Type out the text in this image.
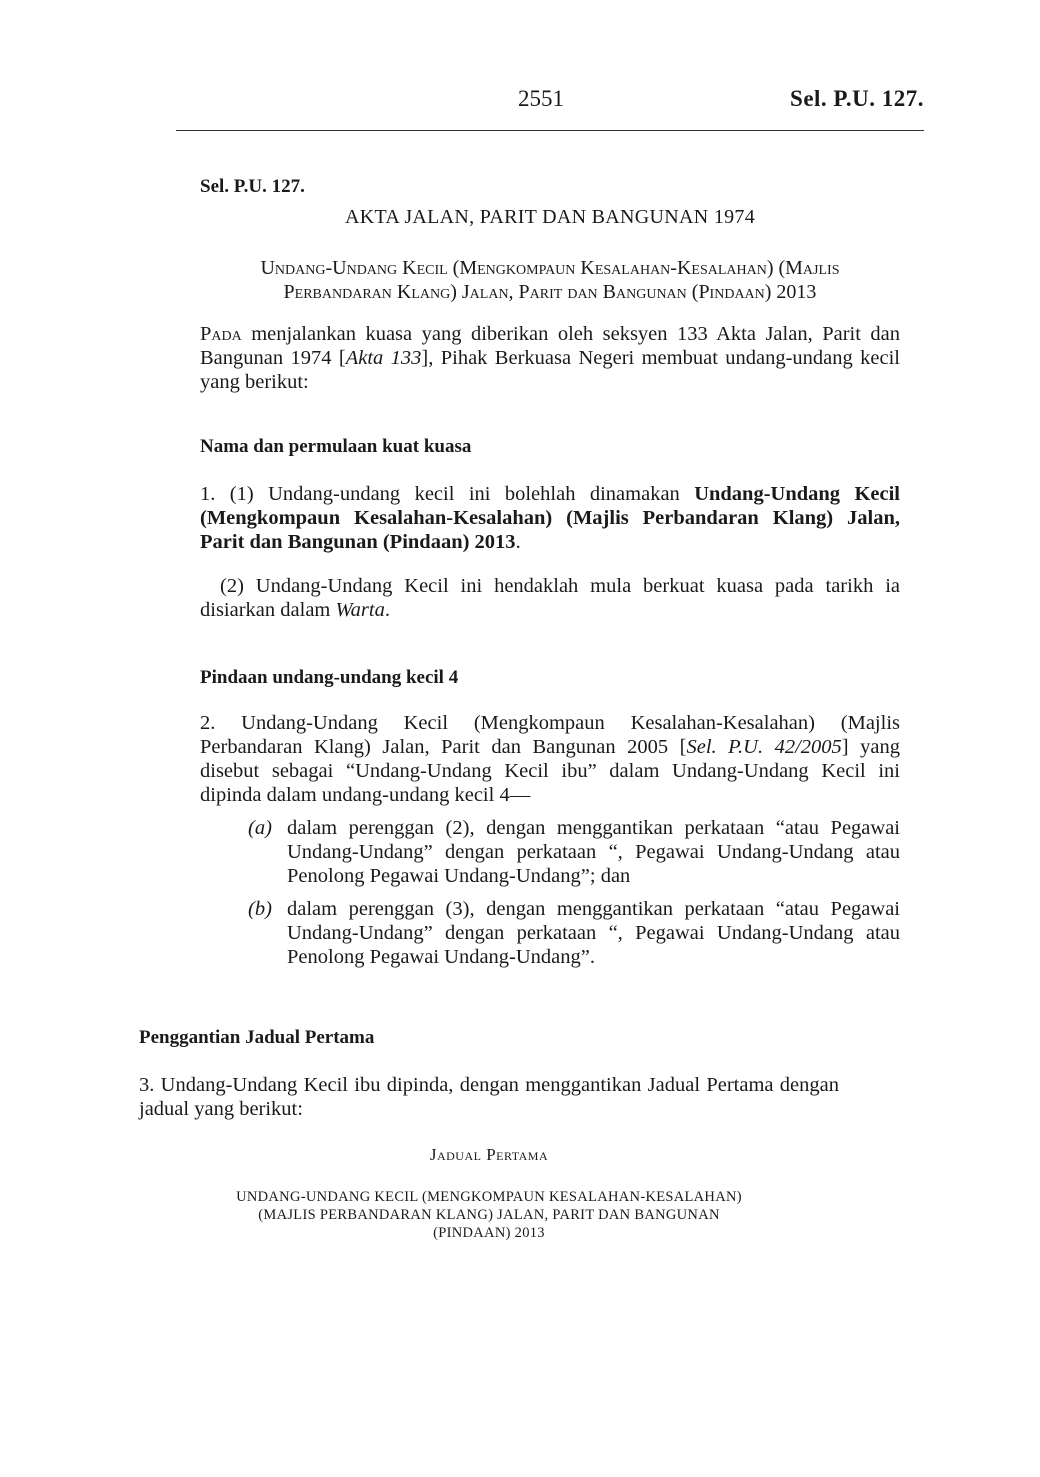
2551	Sel. P.U. 127.
Sel. P.U. 127.
AKTA JALAN, PARIT DAN BANGUNAN 1974
Undang-Undang Kecil (Mengkompaun Kesalahan-Kesalahan) (Majlis
Perbandaran Klang) Jalan, Parit dan Bangunan (Pindaan) 2013
Pada menjalankan kuasa yang diberikan oleh seksyen 133 Akta Jalan, Parit dan Bangunan 1974 [Akta 133], Pihak Berkuasa Negeri membuat undang-undang kecil yang berikut:
Nama dan permulaan kuat kuasa
1. (1) Undang-undang kecil ini bolehlah dinamakan Undang-Undang Kecil (Mengkompaun Kesalahan-Kesalahan) (Majlis Perbandaran Klang) Jalan, Parit dan Bangunan (Pindaan) 2013.
(2) Undang-Undang Kecil ini hendaklah mula berkuat kuasa pada tarikh ia disiarkan dalam Warta.
Pindaan undang-undang kecil 4
2. Undang-Undang Kecil (Mengkompaun Kesalahan-Kesalahan) (Majlis Perbandaran Klang) Jalan, Parit dan Bangunan 2005 [Sel. P.U. 42/2005] yang disebut sebagai “Undang-Undang Kecil ibu” dalam Undang-Undang Kecil ini dipinda dalam undang-undang kecil 4—
(a) dalam perenggan (2), dengan menggantikan perkataan “atau Pegawai Undang-Undang” dengan perkataan “, Pegawai Undang-Undang atau Penolong Pegawai Undang-Undang”; dan
(b) dalam perenggan (3), dengan menggantikan perkataan “atau Pegawai Undang-Undang” dengan perkataan “, Pegawai Undang-Undang atau Penolong Pegawai Undang-Undang”.
Penggantian Jadual Pertama
3. Undang-Undang Kecil ibu dipinda, dengan menggantikan Jadual Pertama dengan jadual yang berikut:
Jadual Pertama
UNDANG-UNDANG KECIL (MENGKOMPAUN KESALAHAN-KESALAHAN)
(MAJLIS PERBANDARAN KLANG) JALAN, PARIT DAN BANGUNAN
(PINDAAN) 2013
